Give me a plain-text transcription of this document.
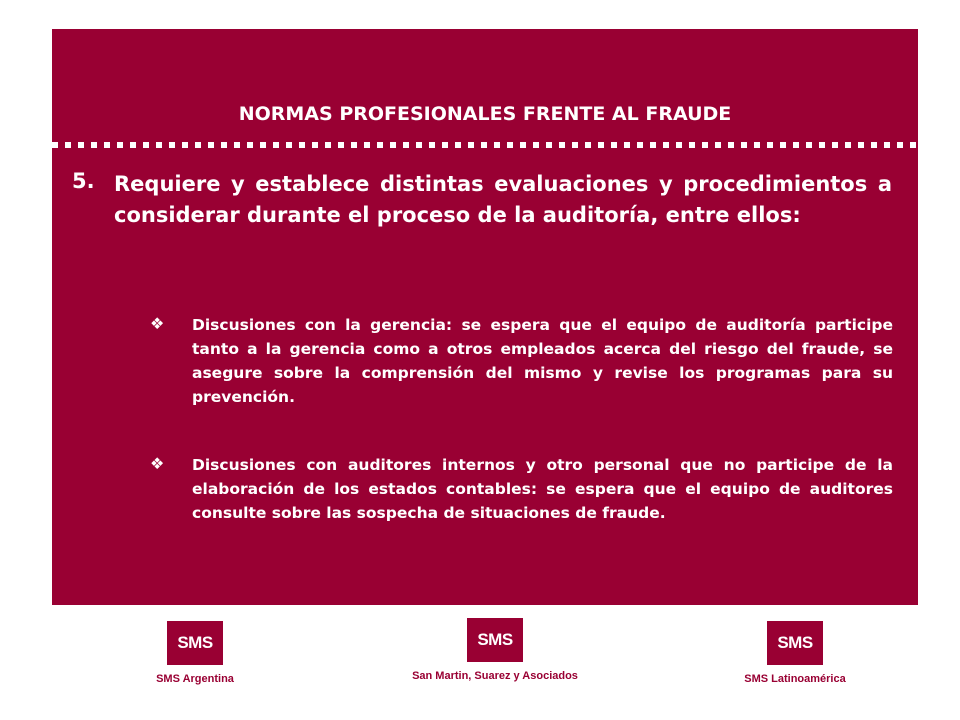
NORMAS PROFESIONALES FRENTE AL FRAUDE
5. Requiere y establece distintas evaluaciones y procedimientos a considerar durante el proceso de la auditoría, entre ellos:
❖ Discusiones con la gerencia: se espera que el equipo de auditoría participe tanto a la gerencia como a otros empleados acerca del riesgo del fraude, se asegure sobre la comprensión del mismo y revise los programas para su prevención.
❖ Discusiones con auditores internos y otro personal que no participe de la elaboración de los estados contables: se espera que el equipo de auditores consulte sobre las sospecha de situaciones de fraude.
SMS
SMS Argentina
SMS
San Martin, Suarez y Asociados
SMS
SMS Latinoamérica
